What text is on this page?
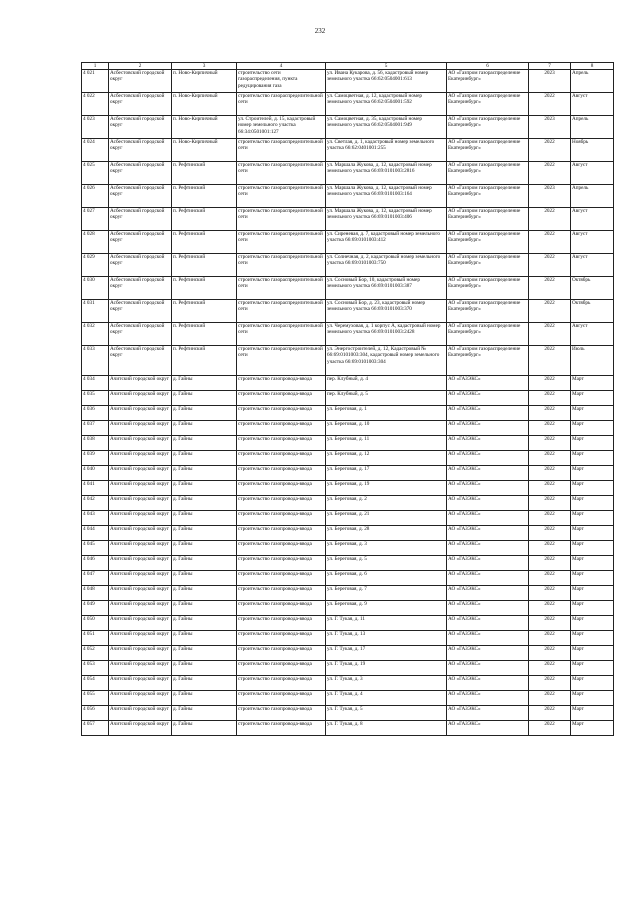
232
1	2	3	4	5	6	7	8
4 021	Асбестовский городской округ	п. Ново-Кирпичный	строительство сети газораспределения, пункта редуцирования газа	ул. Ивана Кукарова, д. 56, кадастровый номер земельного участка 66:62:0504001:613	АО «Газпром газораспределение Екатеринбург»	2023	Апрель
4 022	Асбестовский городской округ	п. Ново-Кирпичный	строительство газораспределительной сети	ул. Самоцветная, д. 12, кадастровый номер земельного участка 66:62:0504001:592	АО «Газпром газораспределение Екатеринбург»	2022	Август
4 023	Асбестовский городской округ	п. Ново-Кирпичный	ул. Строителей, д. 15, кадастровый номер земельного участка 66:34:0501001:127	ул. Самоцветная, д. 35, кадастровый номер земельного участка 66:62:0504001:949	АО «Газпром газораспределение Екатеринбург»	2023	Апрель
4 024	Асбестовский городской округ	п. Ново-Кирпичный	строительство газораспределительной сети	ул. Светлая, д. 1, кадастровый номер земельного участка 66:62:0401001:255	АО «Газпром газораспределение Екатеринбург»	2022	Ноябрь
4 025	Асбестовский городской округ	п. Рефтинский	строительство газораспределительной сети	ул. Маршала Жукова, д. 12, кадастровый номер земельного участка 66:69:0101003:2816	АО «Газпром газораспределение Екатеринбург»	2022	Август
4 026	Асбестовский городской округ	п. Рефтинский	строительство газораспределительной сети	ул. Маршала Жукова, д. 12, кадастровый номер земельного участка 66:69:0101003:164	АО «Газпром газораспределение Екатеринбург»	2023	Апрель
4 027	Асбестовский городской округ	п. Рефтинский	строительство газораспределительной сети	ул. Маршала Жукова, д. 12, кадастровый номер земельного участка 66:69:0101003:406	АО «Газпром газораспределение Екатеринбург»	2022	Август
4 028	Асбестовский городской округ	п. Рефтинский	строительство газораспределительной сети	ул. Сиреневая, д. 7, кадастровый номер земельного участка 66:69:0101003:412	АО «Газпром газораспределение Екатеринбург»	2022	Август
4 029	Асбестовский городской округ	п. Рефтинский	строительство газораспределительной сети	ул. Солнечная, д. 2, кадастровый номер земельного участка 66:69:0101003:750	АО «Газпром газораспределение Екатеринбург»	2022	Август
4 030	Асбестовский городской округ	п. Рефтинский	строительство газораспределительной сети	ул. Сосновый Бор, 10, кадастровый номер земельного участка 66:69:0101003:387	АО «Газпром газораспределение Екатеринбург»	2022	Октябрь
4 031	Асбестовский городской округ	п. Рефтинский	строительство газораспределительной сети	ул. Сосновый Бор, д. 23, кадастровый номер земельного участка 66:69:0101003:370	АО «Газпром газораспределение Екатеринбург»	2022	Октябрь
4 032	Асбестовский городской округ	п. Рефтинский	строительство газораспределительной сети	ул. Черемуховая, д. 1 корпус А, кадастровый номер земельного участка 66:69:0101003:2428	АО «Газпром газораспределение Екатеринбург»	2022	Август
4 033	Асбестовский городской округ	п. Рефтинский	строительство газораспределительной сети	ул. Энергостроителей, д. 12, Кадастровый № 66:69:0101003:304, кадастровый номер земельного участка 66:69:0101003:304	АО «Газпром газораспределение Екатеринбург»	2022	Июль
4 034	Ачитский городской округ	д. Гайны	строительство газопровода-ввода	пер. Клубный, д. 4	АО «ГАЗЭКС»	2022	Март
4 035	Ачитский городской округ	д. Гайны	строительство газопровода-ввода	пер. Клубный, д. 5	АО «ГАЗЭКС»	2022	Март
4 036	Ачитский городской округ	д. Гайны	строительство газопровода-ввода	ул. Береговая, д. 1	АО «ГАЗЭКС»	2022	Март
4 037	Ачитский городской округ	д. Гайны	строительство газопровода-ввода	ул. Береговая, д. 10	АО «ГАЗЭКС»	2022	Март
4 038	Ачитский городской округ	д. Гайны	строительство газопровода-ввода	ул. Береговая, д. 11	АО «ГАЗЭКС»	2022	Март
4 039	Ачитский городской округ	д. Гайны	строительство газопровода-ввода	ул. Береговая, д. 12	АО «ГАЗЭКС»	2022	Март
4 040	Ачитский городской округ	д. Гайны	строительство газопровода-ввода	ул. Береговая, д. 17	АО «ГАЗЭКС»	2022	Март
4 041	Ачитский городской округ	д. Гайны	строительство газопровода-ввода	ул. Береговая, д. 19	АО «ГАЗЭКС»	2022	Март
4 042	Ачитский городской округ	д. Гайны	строительство газопровода-ввода	ул. Береговая, д. 2	АО «ГАЗЭКС»	2022	Март
4 043	Ачитский городской округ	д. Гайны	строительство газопровода-ввода	ул. Береговая, д. 21	АО «ГАЗЭКС»	2022	Март
4 044	Ачитский городской округ	д. Гайны	строительство газопровода-ввода	ул. Береговая, д. 28	АО «ГАЗЭКС»	2022	Март
4 045	Ачитский городской округ	д. Гайны	строительство газопровода-ввода	ул. Береговая, д. 3	АО «ГАЗЭКС»	2022	Март
4 046	Ачитский городской округ	д. Гайны	строительство газопровода-ввода	ул. Береговая, д. 5	АО «ГАЗЭКС»	2022	Март
4 047	Ачитский городской округ	д. Гайны	строительство газопровода-ввода	ул. Береговая, д. 6	АО «ГАЗЭКС»	2022	Март
4 048	Ачитский городской округ	д. Гайны	строительство газопровода-ввода	ул. Береговая, д. 7	АО «ГАЗЭКС»	2022	Март
4 049	Ачитский городской округ	д. Гайны	строительство газопровода-ввода	ул. Береговая, д. 9	АО «ГАЗЭКС»	2022	Март
4 050	Ачитский городской округ	д. Гайны	строительство газопровода-ввода	ул. Г. Тукая, д. 11	АО «ГАЗЭКС»	2022	Март
4 051	Ачитский городской округ	д. Гайны	строительство газопровода-ввода	ул. Г. Тукая, д. 13	АО «ГАЗЭКС»	2022	Март
4 052	Ачитский городской округ	д. Гайны	строительство газопровода-ввода	ул. Г. Тукая, д. 17	АО «ГАЗЭКС»	2022	Март
4 053	Ачитский городской округ	д. Гайны	строительство газопровода-ввода	ул. Г. Тукая, д. 19	АО «ГАЗЭКС»	2022	Март
4 054	Ачитский городской округ	д. Гайны	строительство газопровода-ввода	ул. Г. Тукая, д. 3	АО «ГАЗЭКС»	2022	Март
4 055	Ачитский городской округ	д. Гайны	строительство газопровода-ввода	ул. Г. Тукая, д. 4	АО «ГАЗЭКС»	2022	Март
4 056	Ачитский городской округ	д. Гайны	строительство газопровода-ввода	ул. Г. Тукая, д. 5	АО «ГАЗЭКС»	2022	Март
4 057	Ачитский городской округ	д. Гайны	строительство газопровода-ввода	ул. Г. Тукая, д. 8	АО «ГАЗЭКС»	2022	Март
